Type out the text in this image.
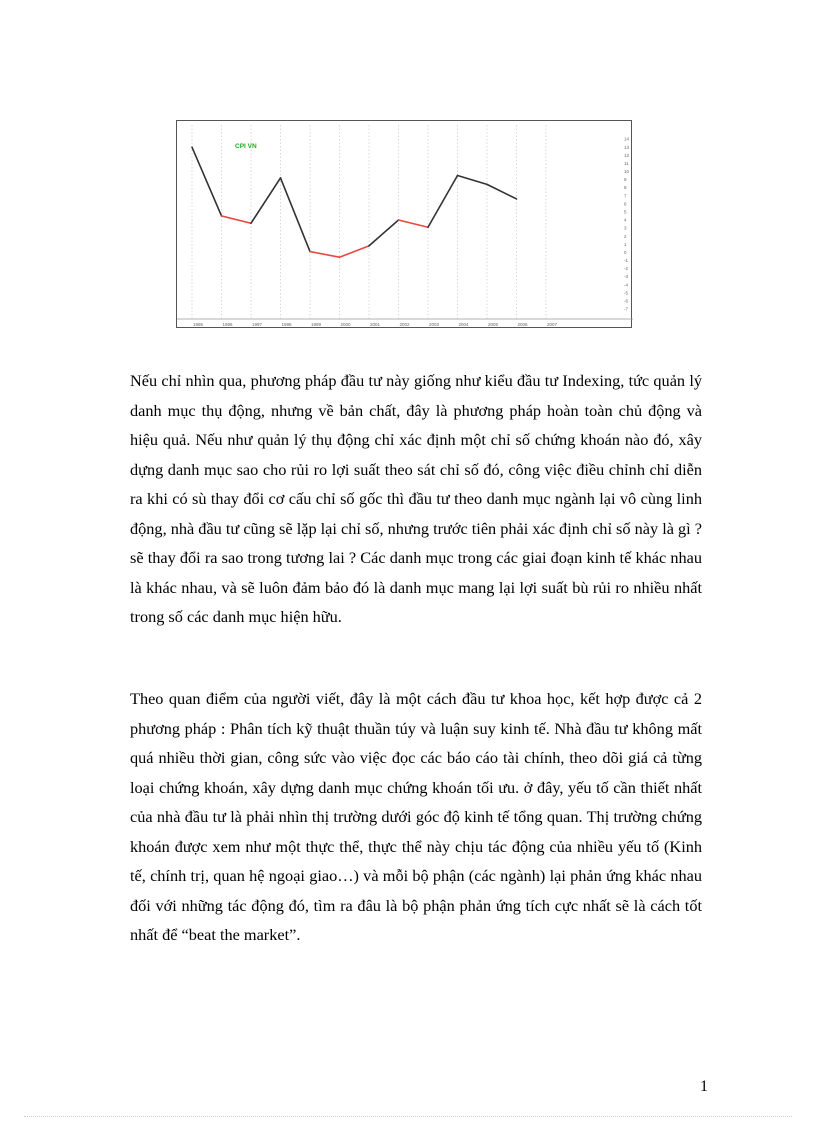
1995	1996	1997	1998	1999	2000	2001	2002	2003	2004	2005	2006	2007
14
13
12
11
10
9
8
7
6
5
4
3
2
1
0
-1
-2
-3
-4
-5
-6
-7
CPI VN

Nếu chỉ nhìn qua, phương pháp đầu tư này giống như kiểu đầu tư Indexing, tức quản lý danh mục thụ động, nhưng về bản chất, đây là phương pháp hoàn toàn chủ động và hiệu quả. Nếu như quản lý thụ động chỉ xác định một chỉ số chứng khoán nào đó, xây dựng danh mục sao cho rủi ro lợi suất theo sát chỉ số đó, công việc điều chỉnh chỉ diễn ra khi có sù thay đổi cơ cấu chỉ số gốc thì đầu tư theo danh mục ngành lại vô cùng linh động, nhà đầu tư cũng sẽ lặp lại chỉ số, nhưng trước tiên phải xác định chỉ số này là gì ? sẽ thay đổi ra sao trong tương lai ? Các danh mục trong các giai đoạn kinh tế khác nhau là khác nhau, và sẽ luôn đảm bảo đó là danh mục mang lại lợi suất bù rủi ro nhiều nhất trong số các danh mục hiện hữu.

Theo quan điểm của người viết, đây là một cách đầu tư khoa học, kết hợp được cả 2 phương pháp : Phân tích kỹ thuật thuần túy và luận suy kinh tế. Nhà đầu tư không mất quá nhiều thời gian, công sức vào việc đọc các báo cáo tài chính, theo dõi giá cả từng loại chứng khoán, xây dựng danh mục chứng khoán tối ưu. ở đây, yếu tố cần thiết nhất của nhà đầu tư là phải nhìn thị trường dưới góc độ kinh tế tổng quan. Thị trường chứng khoán được xem như một thực thể, thực thể này chịu tác động của nhiều yếu tố (Kinh tế, chính trị, quan hệ ngoại giao…) và mỗi bộ phận (các ngành) lại phản ứng khác nhau đối với những tác động đó, tìm ra đâu là bộ phận phản ứng tích cực nhất sẽ là cách tốt nhất để “beat the market”.

1
